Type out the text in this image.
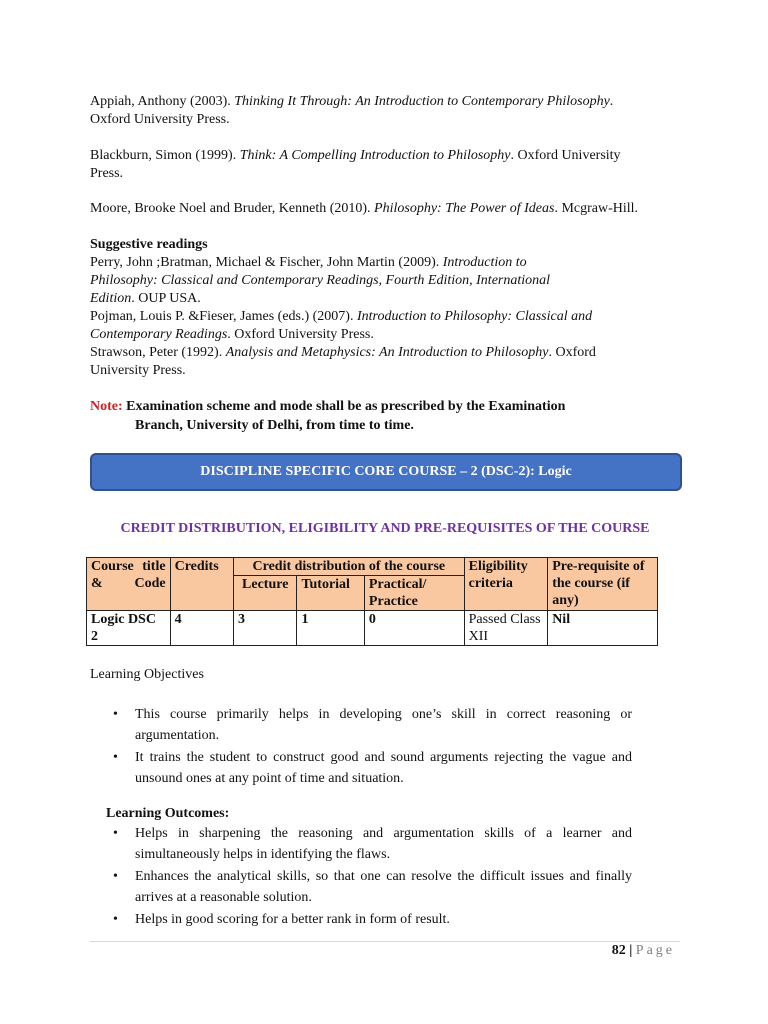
Appiah, Anthony (2003). Thinking It Through: An Introduction to Contemporary Philosophy. Oxford University Press.
Blackburn, Simon (1999). Think: A Compelling Introduction to Philosophy. Oxford University Press.
Moore, Brooke Noel and Bruder, Kenneth (2010). Philosophy: The Power of Ideas. Mcgraw-Hill.
Suggestive readings
Perry, John ;Bratman, Michael & Fischer, John Martin (2009). Introduction to Philosophy: Classical and Contemporary Readings, Fourth Edition, International Edition. OUP USA.
Pojman, Louis P. &Fieser, James (eds.) (2007). Introduction to Philosophy: Classical and Contemporary Readings. Oxford University Press.
Strawson, Peter (1992). Analysis and Metaphysics: An Introduction to Philosophy. Oxford University Press.
Note: Examination scheme and mode shall be as prescribed by the Examination
Branch, University of Delhi, from time to time.
DISCIPLINE SPECIFIC CORE COURSE – 2 (DSC-2): Logic
CREDIT DISTRIBUTION, ELIGIBILITY AND PRE-REQUISITES OF THE COURSE
Course title & Code	Credits	Credit distribution of the course			Eligibility criteria	Pre-requisite of the course (if any)
		Lecture	Tutorial	Practical/ Practice		
Logic DSC 2	4	3	1	0	Passed Class XII	Nil
Learning Objectives
• This course primarily helps in developing one’s skill in correct reasoning or argumentation.
• It trains the student to construct good and sound arguments rejecting the vague and unsound ones at any point of time and situation.
Learning Outcomes:
• Helps in sharpening the reasoning and argumentation skills of a learner and simultaneously helps in identifying the flaws.
• Enhances the analytical skills, so that one can resolve the difficult issues and finally arrives at a reasonable solution.
• Helps in good scoring for a better rank in form of result.
82 | Page
